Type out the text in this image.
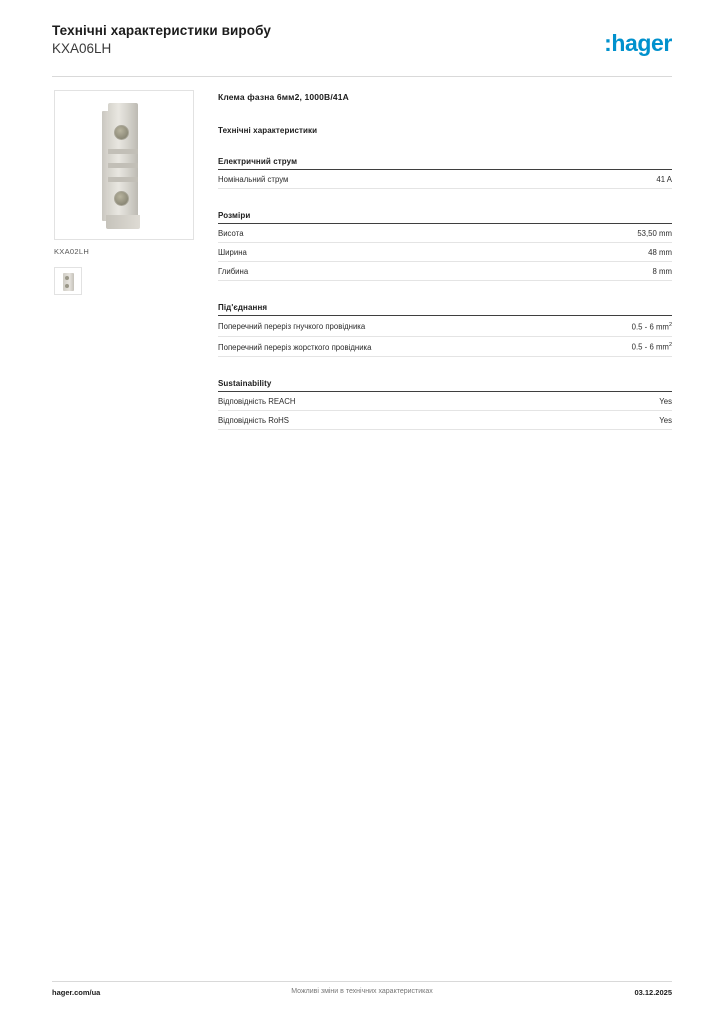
Технічні характеристики виробу
KXA06LH	:hager
KXA02LH
Клема фазна 6мм2, 1000В/41А
Технічні характеристики
Електричний струм
Номінальний струм	41 A
Розміри
Висота	53,50 mm
Ширина	48 mm
Глибина	8 mm
Під'єднання
Поперечний переріз гнучкого провідника	0.5 - 6 $mm^2$
Поперечний переріз жорсткого провідника	0.5 - 6 $mm^2$
Sustainability
Відповідність REACH	Yes
Відповідність RoHS	Yes
hager.com/ua	Можливі зміни в технічних характеристиках	03.12.2025
